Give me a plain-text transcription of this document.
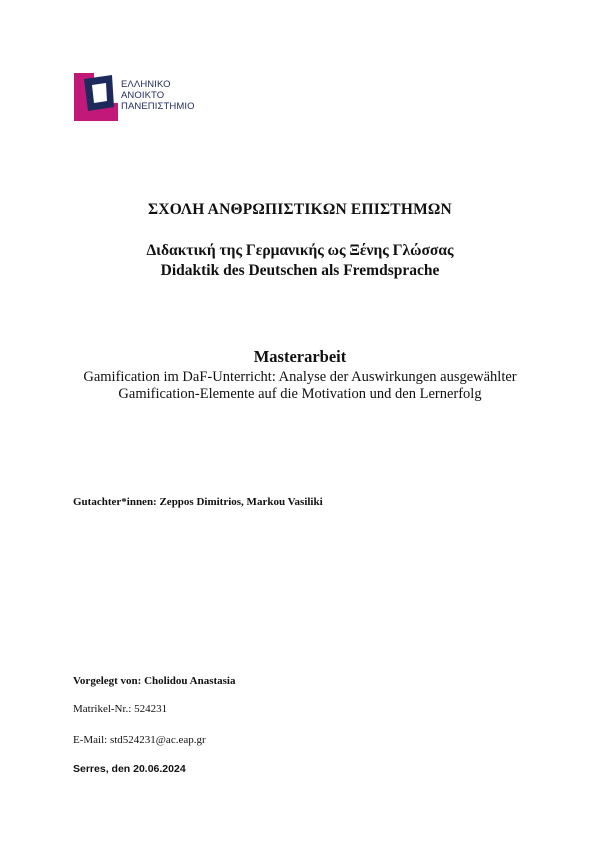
ΕΛΛΗΝΙΚΟ
ΑΝΟΙΚΤΟ
ΠΑΝΕΠΙΣΤΗΜΙΟ
ΣΧΟΛΗ ΑΝΘΡΩΠΙΣΤΙΚΩΝ ΕΠΙΣΤΗΜΩΝ
Διδακτική της Γερμανικής ως Ξένης Γλώσσας
Didaktik des Deutschen als Fremdsprache
Masterarbeit
Gamification im DaF-Unterricht: Analyse der Auswirkungen ausgewählter
Gamification-Elemente auf die Motivation und den Lernerfolg
Gutachter*innen: Zeppos Dimitrios, Markou Vasiliki
Vorgelegt von: Cholidou Anastasia
Matrikel-Nr.: 524231
E-Mail: std524231@ac.eap.gr
Serres, den 20.06.2024
